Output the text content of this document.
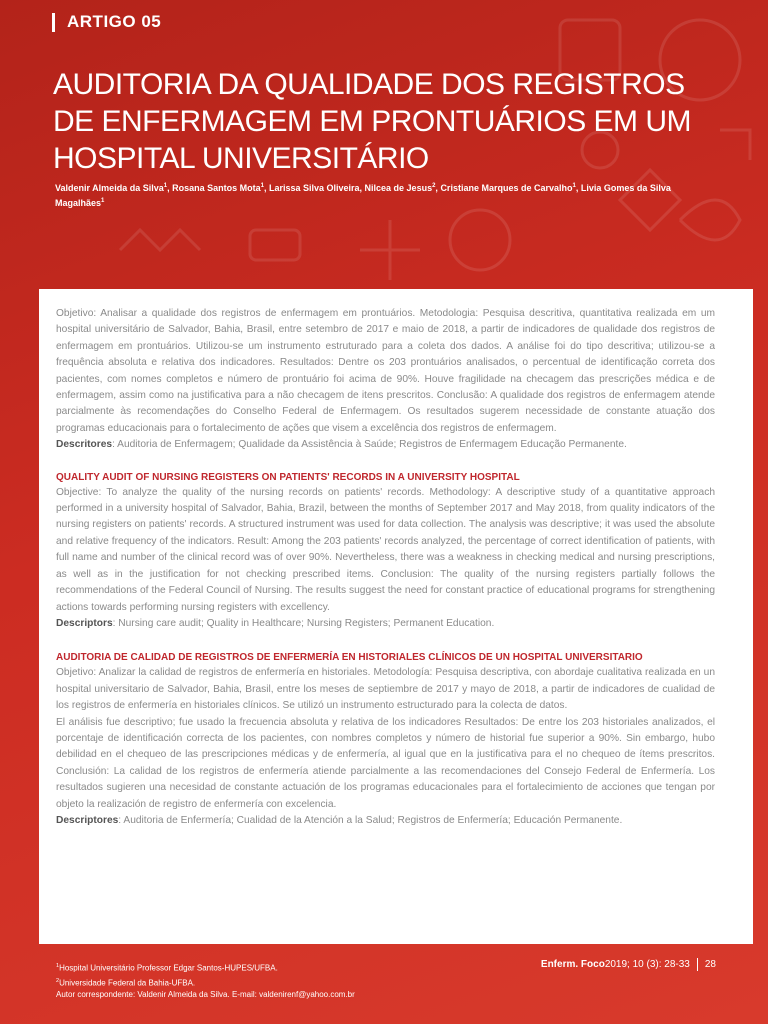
ARTIGO 05
AUDITORIA DA QUALIDADE DOS REGISTROS DE ENFERMAGEM EM PRONTUÁRIOS EM UM HOSPITAL UNIVERSITÁRIO

Valdenir Almeida da Silva$^1$, Rosana Santos Mota$^1$, Larissa Silva Oliveira, Nilcea de Jesus$^2$, Cristiane Marques de Carvalho$^1$, Livia Gomes da Silva Magalhães$^1$

Objetivo: Analisar a qualidade dos registros de enfermagem em prontuários. Metodologia: Pesquisa descritiva, quantitativa realizada em um hospital universitário de Salvador, Bahia, Brasil, entre setembro de 2017 e maio de 2018, a partir de indicadores de qualidade dos registros de enfermagem em prontuários. Utilizou-se um instrumento estruturado para a coleta dos dados. A análise foi do tipo descritiva; utilizou-se a frequência absoluta e relativa dos indicadores. Resultados: Dentre os 203 prontuários analisados, o percentual de identificação correta dos pacientes, com nomes completos e número de prontuário foi acima de 90%. Houve fragilidade na checagem das prescrições médica e de enfermagem, assim como na justificativa para a não checagem de itens prescritos. Conclusão: A qualidade dos registros de enfermagem atende parcialmente às recomendações do Conselho Federal de Enfermagem. Os resultados sugerem necessidade de constante atuação dos programas educacionais para o fortalecimento de ações que visem a excelência dos registros de enfermagem.

Descritores: Auditoria de Enfermagem; Qualidade da Assistência à Saúde; Registros de Enfermagem Educação Permanente.

QUALITY AUDIT OF NURSING REGISTERS ON PATIENTS' RECORDS IN A UNIVERSITY HOSPITAL

Objective: To analyze the quality of the nursing records on patients' records. Methodology: A descriptive study of a quantitative approach performed in a university hospital of Salvador, Bahia, Brazil, between the months of September 2017 and May 2018, from quality indicators of the nursing registers on patients' records. A structured instrument was used for data collection. The analysis was descriptive; it was used the absolute and relative frequency of the indicators. Result: Among the 203 patients' records analyzed, the percentage of correct identification of patients, with full name and number of the clinical record was of over 90%. Nevertheless, there was a weakness in checking medical and nursing prescriptions, as well as in the justification for not checking prescribed items. Conclusion: The quality of the nursing registers partially follows the recommendations of the Federal Council of Nursing. The results suggest the need for constant practice of educational programs for strengthening actions towards performing nursing registers with excellency.

Descriptors: Nursing care audit; Quality in Healthcare; Nursing Registers; Permanent Education.

AUDITORIA DE CALIDAD DE REGISTROS DE ENFERMERÍA EN HISTORIALES CLÍNICOS DE UN HOSPITAL UNIVERSITARIO

Objetivo: Analizar la calidad de registros de enfermería en historiales. Metodología: Pesquisa descriptiva, con abordaje cualitativa realizada en un hospital universitario de Salvador, Bahia, Brasil, entre los meses de septiembre de 2017 y mayo de 2018, a partir de indicadores de cualidad de los registros de enfermería en historiales clínicos. Se utilizó un instrumento estructurado para la colecta de datos.

El análisis fue descriptivo; fue usado la frecuencia absoluta y relativa de los indicadores Resultados: De entre los 203 historiales analizados, el porcentaje de identificación correcta de los pacientes, con nombres completos y número de historial fue superior a 90%. Sin embargo, hubo debilidad en el chequeo de las prescripciones médicas y de enfermería, al igual que en la justificativa para el no chequeo de ítems prescritos. Conclusión: La calidad de los registros de enfermería atiende parcialmente a las recomendaciones del Consejo Federal de Enfermería. Los resultados sugieren una necesidad de constante actuación de los programas educacionales para el fortalecimiento de acciones que tengan por objeto la realización de registro de enfermería con excelencia.

Descriptores: Auditoria de Enfermería; Cualidad de la Atención a la Salud; Registros de Enfermería; Educación Permanente.

$^1$Hospital Universitário Professor Edgar Santos-HUPES/UFBA.
$^2$Universidade Federal da Bahia-UFBA.
Autor correspondente: Valdenir Almeida da Silva. E-mail: valdenirenf@yahoo.com.br
Enferm. Foco 2019; 10 (3): 28-33 28
